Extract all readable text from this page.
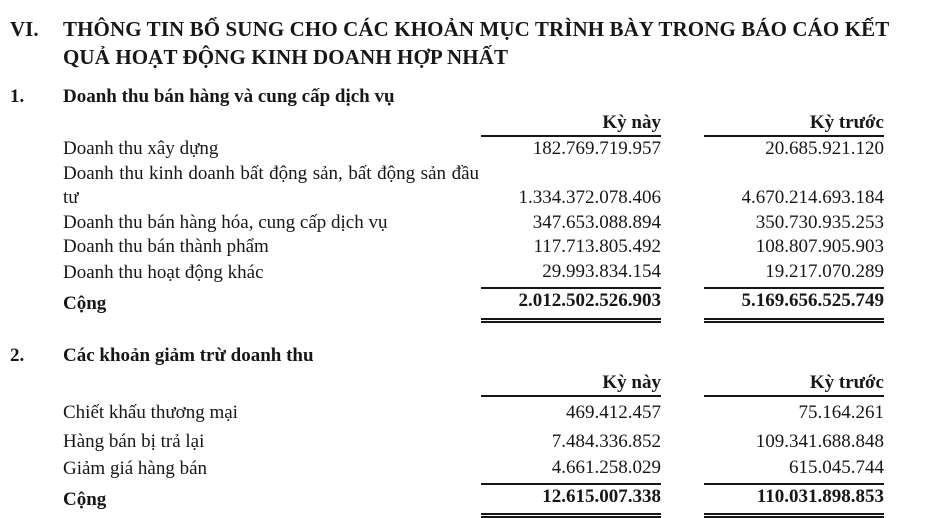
VI.	THÔNG TIN BỔ SUNG CHO CÁC KHOẢN MỤC TRÌNH BÀY TRONG BÁO CÁO KẾT QUẢ HOẠT ĐỘNG KINH DOANH HỢP NHẤT
1.	Doanh thu bán hàng và cung cấp dịch vụ
	Kỳ này		Kỳ trước
Doanh thu xây dựng	182.769.719.957		20.685.921.120
Doanh thu kinh doanh bất động sản, bất động sản đầu tư	1.334.372.078.406		4.670.214.693.184
Doanh thu bán hàng hóa, cung cấp dịch vụ	347.653.088.894		350.730.935.253
Doanh thu bán thành phẩm	117.713.805.492		108.807.905.903
Doanh thu hoạt động khác	29.993.834.154		19.217.070.289
Cộng	2.012.502.526.903		5.169.656.525.749
2.	Các khoản giảm trừ doanh thu
	Kỳ này		Kỳ trước
Chiết khấu thương mại	469.412.457		75.164.261
Hàng bán bị trả lại	7.484.336.852		109.341.688.848
Giảm giá hàng bán	4.661.258.029		615.045.744
Cộng	12.615.007.338		110.031.898.853
